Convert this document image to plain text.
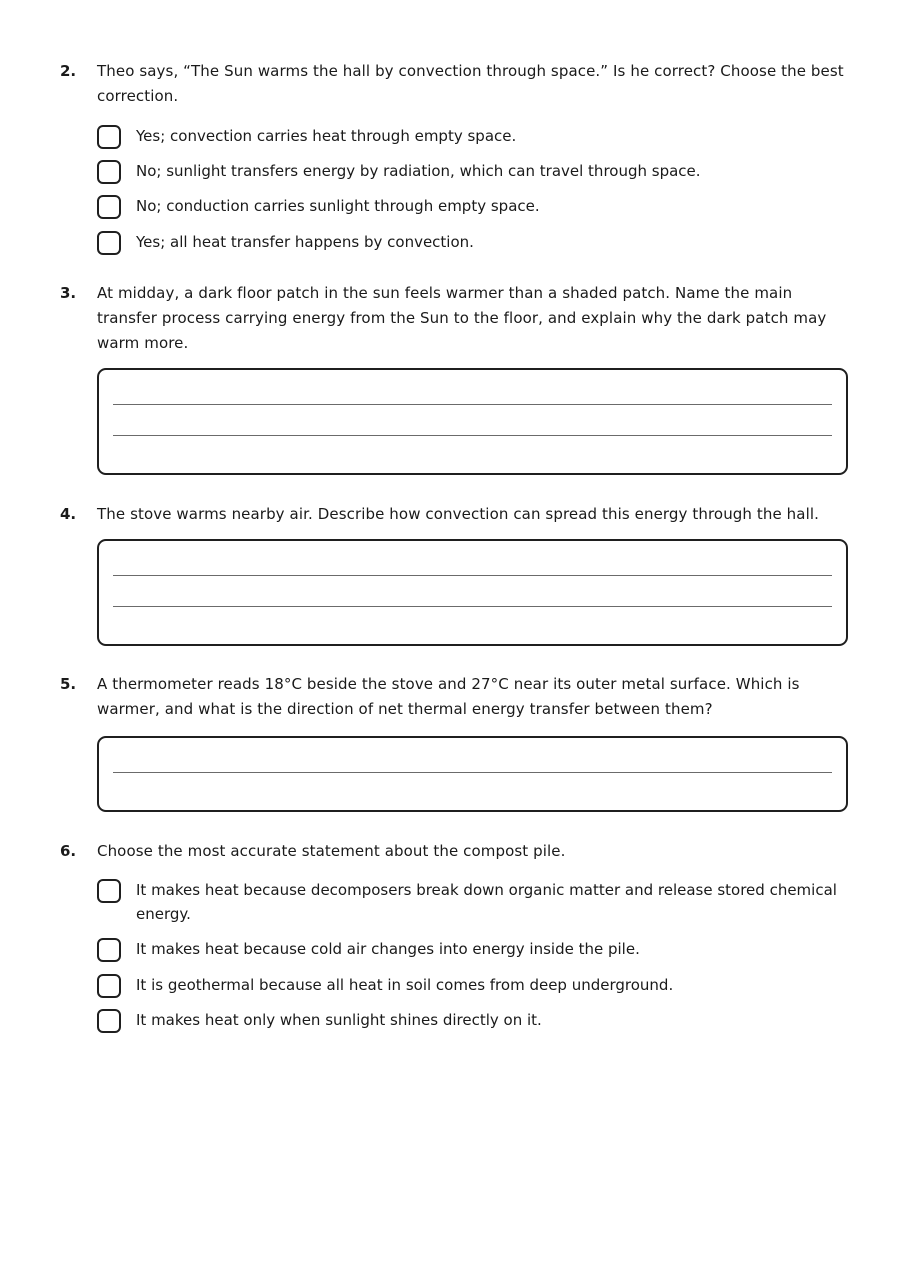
2. Theo says, “The Sun warms the hall by convection through space.” Is he correct? Choose the best correction.
Yes; convection carries heat through empty space.
No; sunlight transfers energy by radiation, which can travel through space.
No; conduction carries sunlight through empty space.
Yes; all heat transfer happens by convection.
3. At midday, a dark floor patch in the sun feels warmer than a shaded patch. Name the main transfer process carrying energy from the Sun to the floor, and explain why the dark patch may warm more.
4. The stove warms nearby air. Describe how convection can spread this energy through the hall.
5. A thermometer reads 18°C beside the stove and 27°C near its outer metal surface. Which is warmer, and what is the direction of net thermal energy transfer between them?
6. Choose the most accurate statement about the compost pile.
It makes heat because decomposers break down organic matter and release stored chemical energy.
It makes heat because cold air changes into energy inside the pile.
It is geothermal because all heat in soil comes from deep underground.
It makes heat only when sunlight shines directly on it.
